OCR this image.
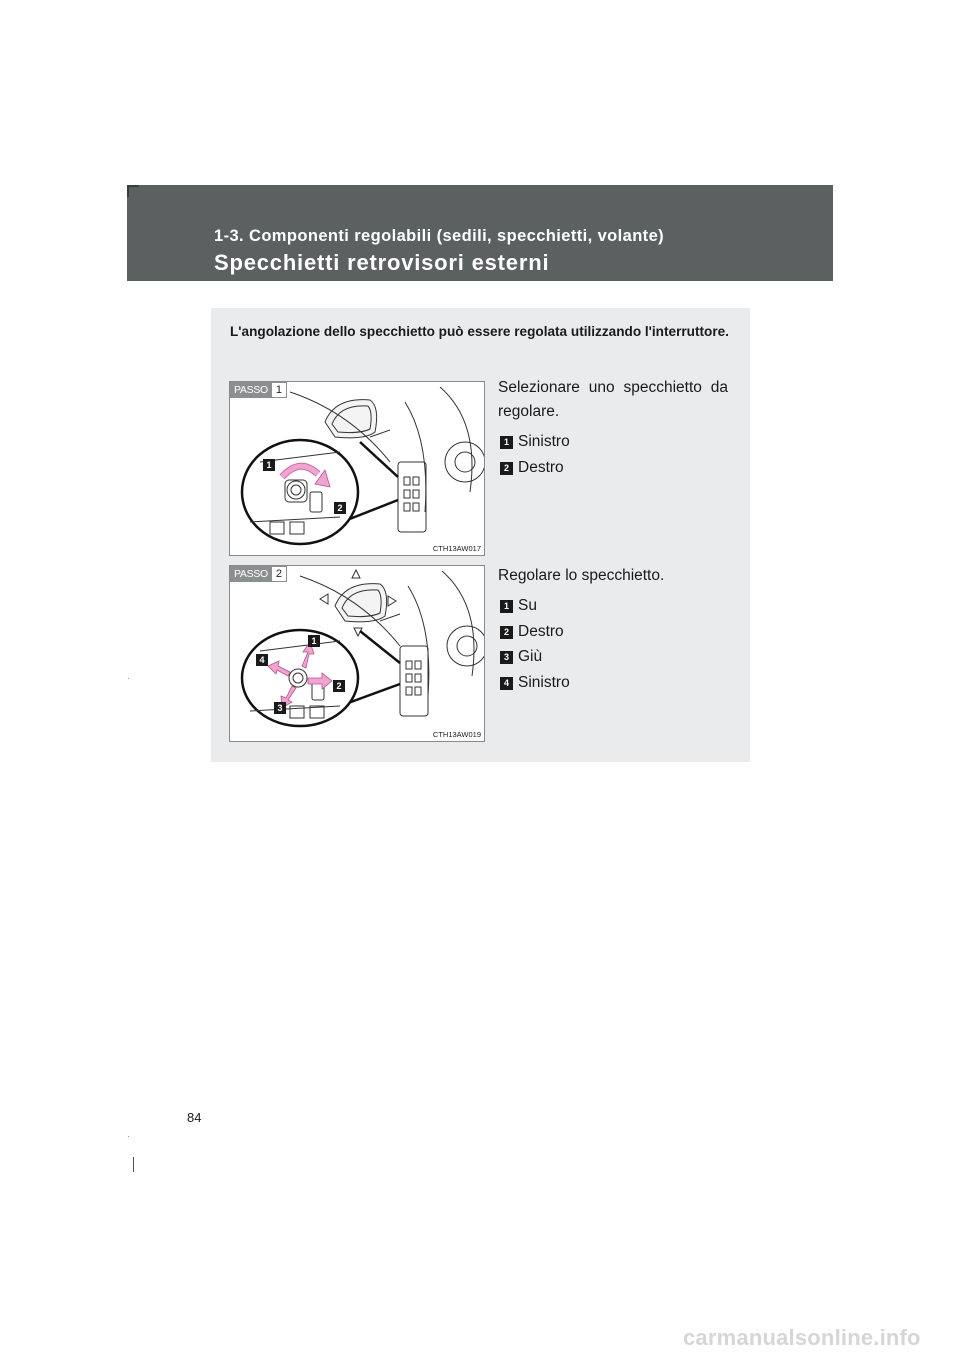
1-3. Componenti regolabili (sedili, specchietti, volante)
Specchietti retrovisori esterni
L'angolazione dello specchietto può essere regolata utilizzando l'interruttore.
1
2
PASSO 1
CTH13AW017
Selezionare uno specchietto da regolare.
1 Sinistro
2 Destro
1
2
3
4
PASSO 2
CTH13AW019
Regolare lo specchietto.
1 Su
2 Destro
3 Giù
4 Sinistro
84
carmanualsonline.info
